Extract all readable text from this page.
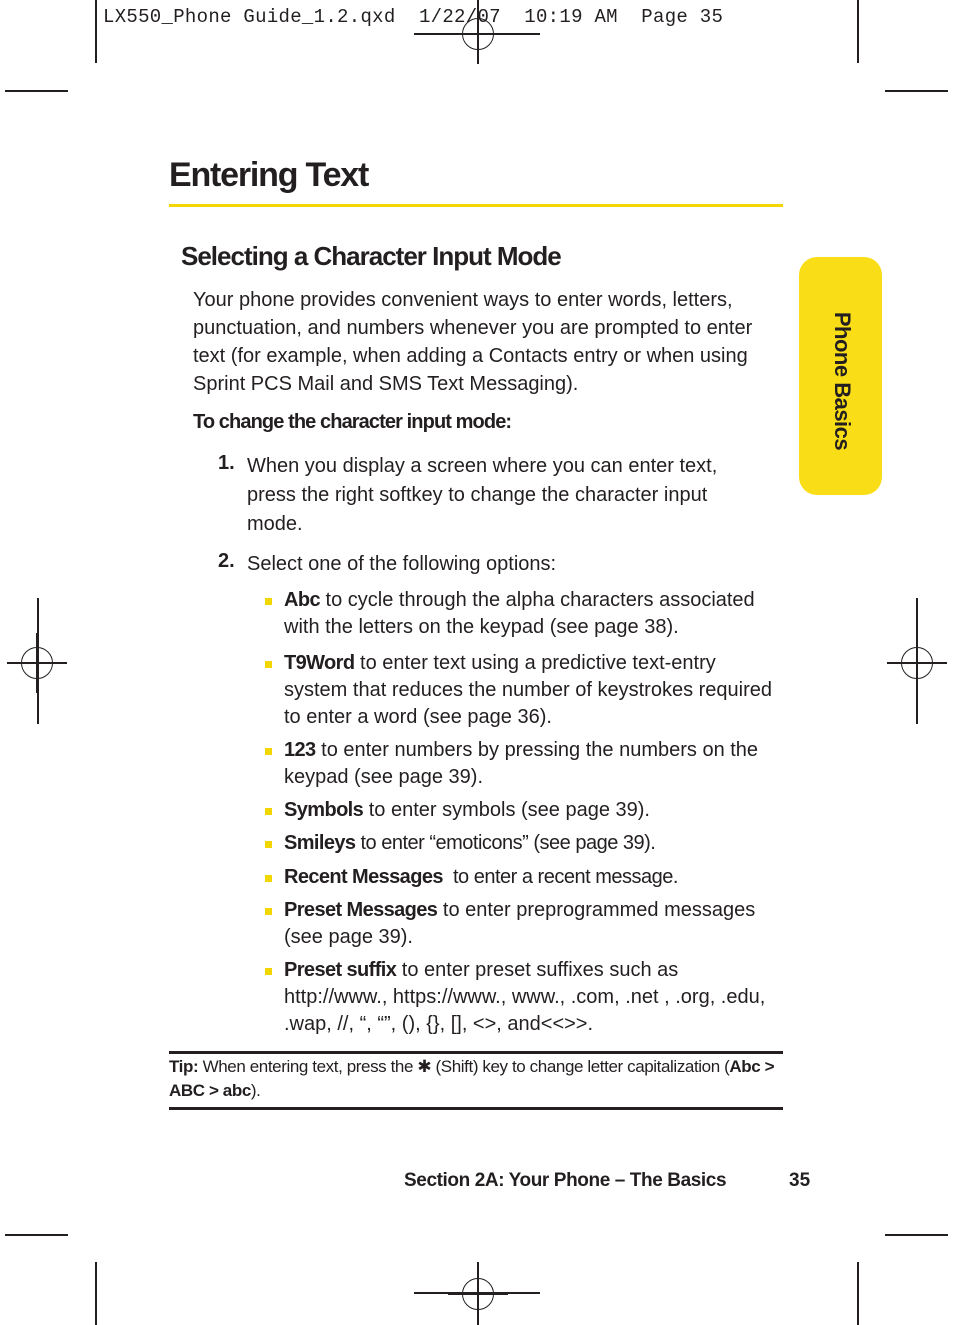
LX550_Phone Guide_1.2.qxd  1/22/07  10:19 AM  Page 35
Phone Basics
Entering Text
Selecting a Character Input Mode
Your phone provides convenient ways to enter words, letters, punctuation, and numbers whenever you are prompted to enter text (for example, when adding a Contacts entry or when using Sprint PCS Mail and SMS Text Messaging).
To change the character input mode:
1. When you display a screen where you can enter text, press the right softkey to change the character input mode.
2. Select one of the following options:
Abc to cycle through the alpha characters associated with the letters on the keypad (see page 38).
T9Word to enter text using a predictive text-entry system that reduces the number of keystrokes required to enter a word (see page 36).
123 to enter numbers by pressing the numbers on the keypad (see page 39).
Symbols to enter symbols (see page 39).
Smileys to enter “emoticons” (see page 39).
Recent Messages  to enter a recent message.
Preset Messages to enter preprogrammed messages (see page 39).
Preset suffix to enter preset suffixes such as http://www., https://www., www., .com, .net , .org, .edu, .wap, //, “, “”, (), {}, [], <>, and<<>>.
Tip: When entering text, press the ✱ (Shift) key to change letter capitalization (Abc > ABC > abc).
Section 2A: Your Phone – The Basics	35
